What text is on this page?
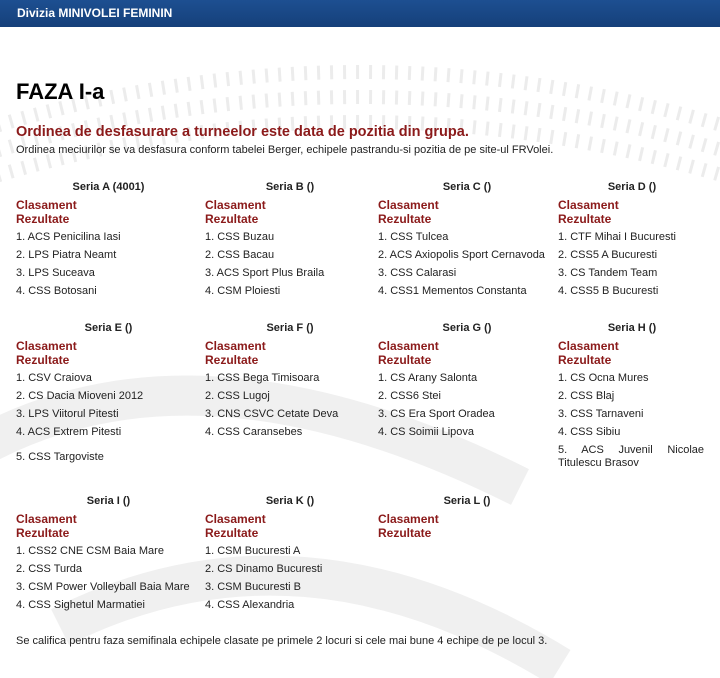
Divizia MINIVOLEI FEMININ
FAZA I-a
Ordinea de desfasurare a turneelor este data de pozitia din grupa.
Ordinea meciurilor se va desfasura conform tabelei Berger, echipele pastrandu-si pozitia de pe site-ul FRVolei.
Seria A (4001)
Clasament
Rezultate
1. ACS Penicilina Iasi
2. LPS Piatra Neamt
3. LPS Suceava
4. CSS Botosani
Seria B ()
Clasament
Rezultate
1. CSS Buzau
2. CSS Bacau
3. ACS Sport Plus Braila
4. CSM Ploiesti
Seria C ()
Clasament
Rezultate
1. CSS Tulcea
2. ACS Axiopolis Sport Cernavoda
3. CSS Calarasi
4. CSS1 Mementos Constanta
Seria D ()
Clasament
Rezultate
1. CTF Mihai I Bucuresti
2. CSS5 A Bucuresti
3. CS Tandem Team
4. CSS5 B Bucuresti
Seria E ()
Clasament
Rezultate
1. CSV Craiova
2. CS Dacia Mioveni 2012
3. LPS Viitorul Pitesti
4. ACS Extrem Pitesti
5. CSS Targoviste
Seria F ()
Clasament
Rezultate
1. CSS Bega Timisoara
2. CSS Lugoj
3. CNS CSVC Cetate Deva
4. CSS Caransebes
Seria G ()
Clasament
Rezultate
1. CS Arany Salonta
2. CSS6 Stei
3. CS Era Sport Oradea
4. CS Soimii Lipova
Seria H ()
Clasament
Rezultate
1. CS Ocna Mures
2. CSS Blaj
3. CSS Tarnaveni
4. CSS Sibiu
5. ACS Juvenil Nicolae Titulescu Brasov
Seria I ()
Clasament
Rezultate
1. CSS2 CNE CSM Baia Mare
2. CSS Turda
3. CSM Power Volleyball Baia Mare
4. CSS Sighetul Marmatiei
Seria K ()
Clasament
Rezultate
1. CSM Bucuresti A
2. CS Dinamo Bucuresti
3. CSM Bucuresti B
4. CSS Alexandria
Seria L ()
Clasament
Rezultate
Se califica pentru faza semifinala echipele clasate pe primele 2 locuri si cele mai bune 4 echipe de pe locul 3.
